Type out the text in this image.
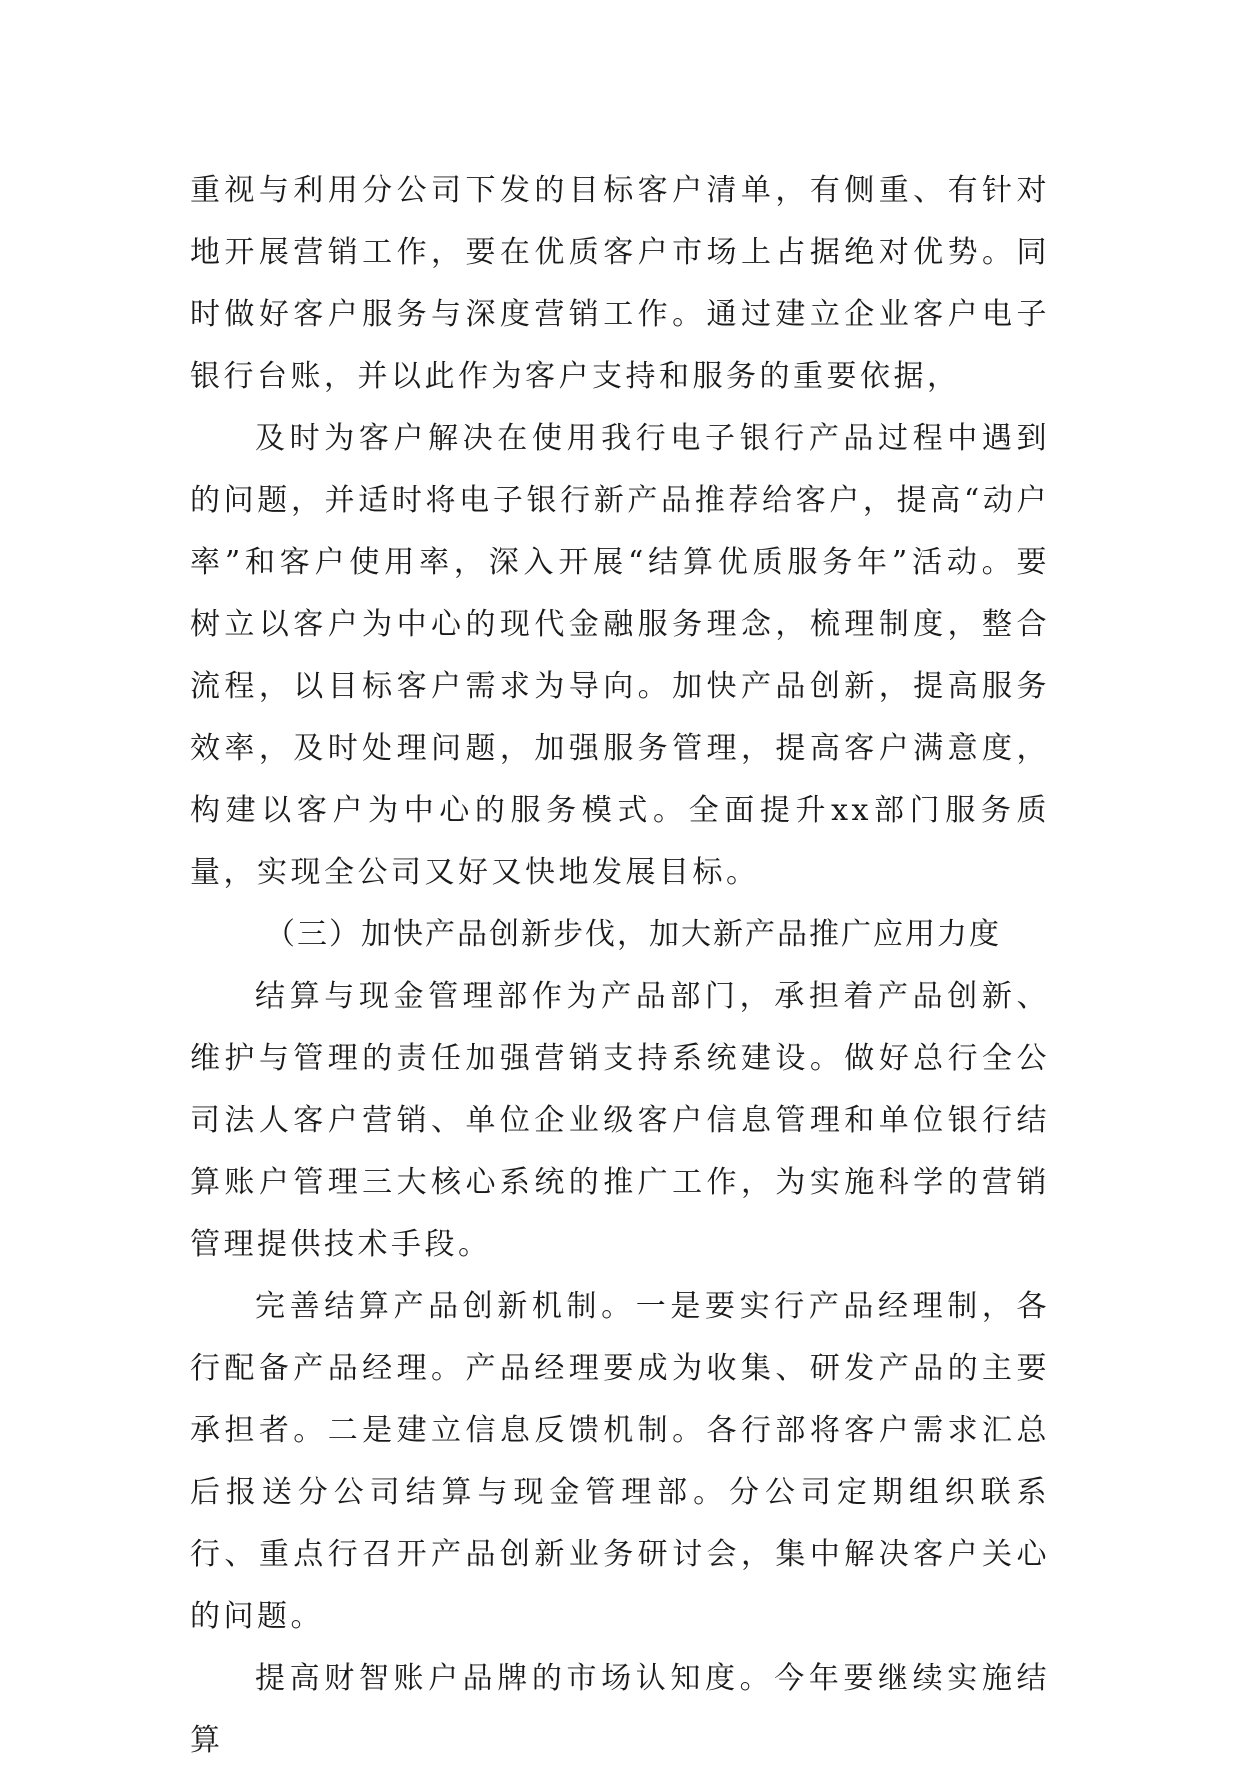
重视与利用分公司下发的目标客户清单，有侧重、有针对地开展营销工作，要在优质客户市场上占据绝对优势。同时做好客户服务与深度营销工作。通过建立企业客户电子银行台账，并以此作为客户支持和服务的重要依据，

及时为客户解决在使用我行电子银行产品过程中遇到的问题，并适时将电子银行新产品推荐给客户，提高“动户率”和客户使用率，深入开展“结算优质服务年”活动。要树立以客户为中心的现代金融服务理念，梳理制度，整合流程，以目标客户需求为导向。加快产品创新，提高服务效率，及时处理问题，加强服务管理，提高客户满意度，构建以客户为中心的服务模式。全面提升xx部门服务质量，实现全公司又好又快地发展目标。

（三）加快产品创新步伐，加大新产品推广应用力度

结算与现金管理部作为产品部门，承担着产品创新、维护与管理的责任加强营销支持系统建设。做好总行全公司法人客户营销、单位企业级客户信息管理和单位银行结算账户管理三大核心系统的推广工作，为实施科学的营销管理提供技术手段。

完善结算产品创新机制。一是要实行产品经理制，各行配备产品经理。产品经理要成为收集、研发产品的主要承担者。二是建立信息反馈机制。各行部将客户需求汇总后报送分公司结算与现金管理部。分公司定期组织联系行、重点行召开产品创新业务研讨会，集中解决客户关心的问题。

提高财智账户品牌的市场认知度。今年要继续实施结算
